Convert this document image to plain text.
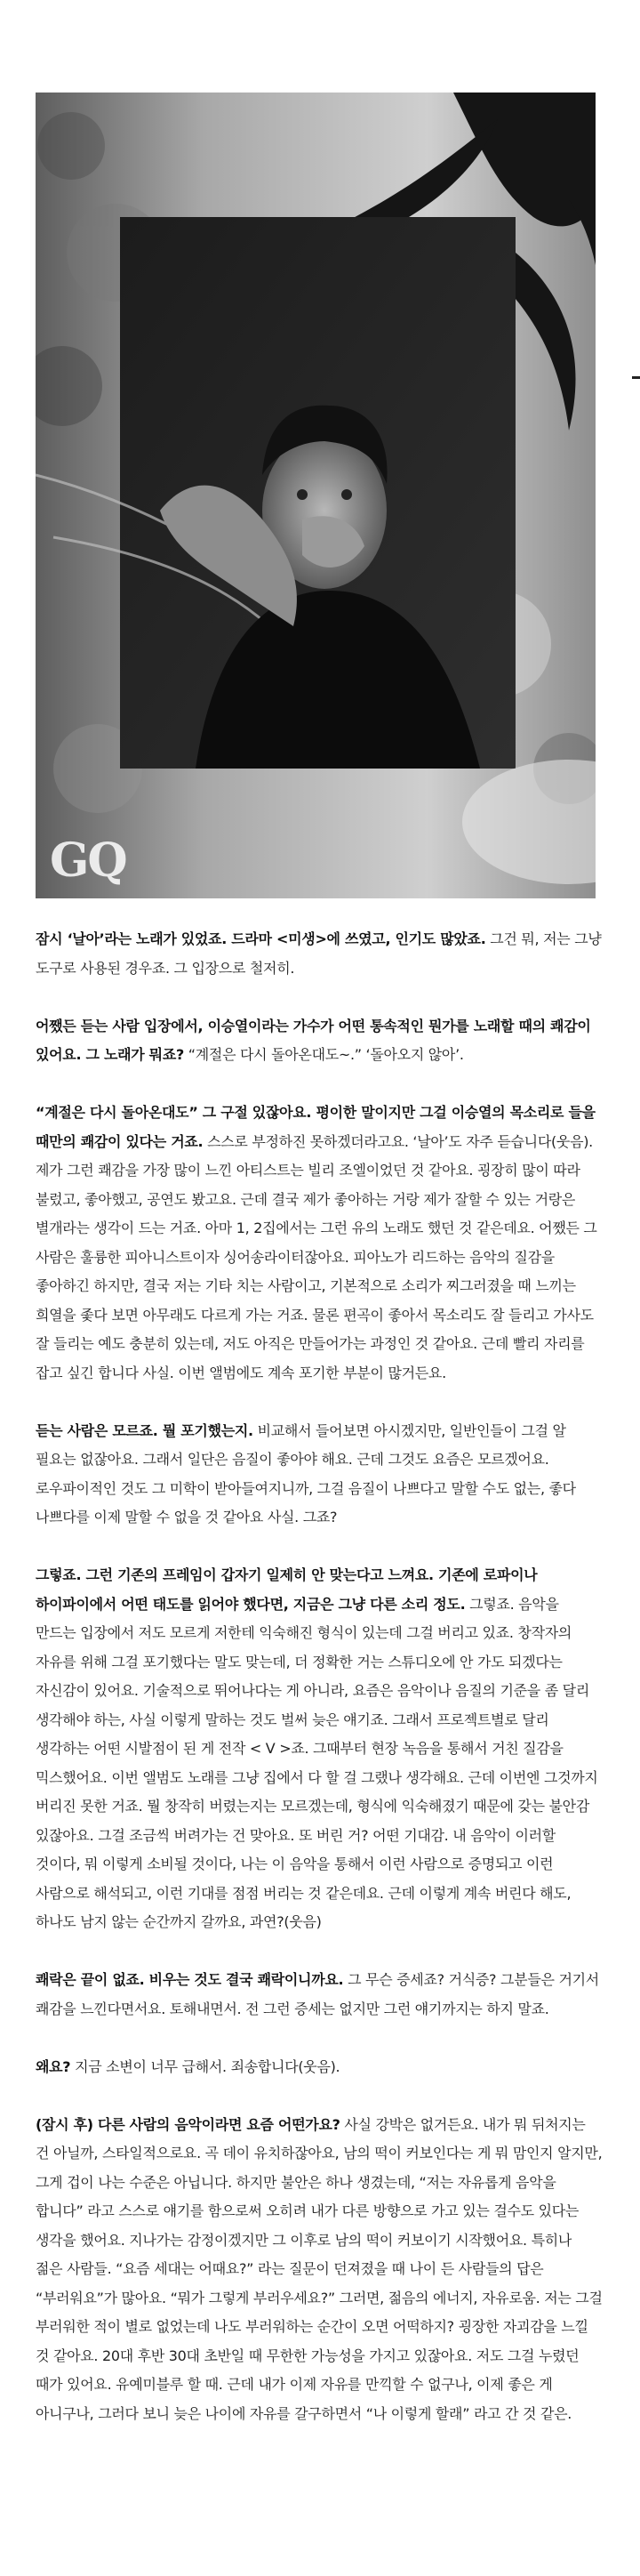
GQ

잠시 ‘날아’라는 노래가 있었죠. 드라마 <미생>에 쓰였고, 인기도 많았죠. 그건 뭐, 저는 그냥 도구로 사용된 경우죠. 그 입장으로 철저히.

어쨌든 듣는 사람 입장에서, 이승열이라는 가수가 어떤 통속적인 뭔가를 노래할 때의 쾌감이 있어요. 그 노래가 뭐죠? “계절은 다시 돌아온대도~.” ‘돌아오지 않아’.

“계절은 다시 돌아온대도” 그 구절 있잖아요. 평이한 말이지만 그걸 이승열의 목소리로 들을 때만의 쾌감이 있다는 거죠. 스스로 부정하진 못하겠더라고요. ‘날아’도 자주 듣습니다(웃음). 제가 그런 쾌감을 가장 많이 느낀 아티스트는 빌리 조엘이었던 것 같아요. 굉장히 많이 따라 불렀고, 좋아했고, 공연도 봤고요. 근데 결국 제가 좋아하는 거랑 제가 잘할 수 있는 거랑은 별개라는 생각이 드는 거죠. 아마 1, 2집에서는 그런 유의 노래도 했던 것 같은데요. 어쨌든 그 사람은 훌륭한 피아니스트이자 싱어송라이터잖아요. 피아노가 리드하는 음악의 질감을 좋아하긴 하지만, 결국 저는 기타 치는 사람이고, 기본적으로 소리가 찌그러졌을 때 느끼는 희열을 좇다 보면 아무래도 다르게 가는 거죠. 물론 편곡이 좋아서 목소리도 잘 들리고 가사도 잘 들리는 예도 충분히 있는데, 저도 아직은 만들어가는 과정인 것 같아요. 근데 빨리 자리를 잡고 싶긴 합니다 사실. 이번 앨범에도 계속 포기한 부분이 많거든요.

듣는 사람은 모르죠. 뭘 포기했는지. 비교해서 들어보면 아시겠지만, 일반인들이 그걸 알 필요는 없잖아요. 그래서 일단은 음질이 좋아야 해요. 근데 그것도 요즘은 모르겠어요. 로우파이적인 것도 그 미학이 받아들여지니까, 그걸 음질이 나쁘다고 말할 수도 없는, 좋다 나쁘다를 이제 말할 수 없을 것 같아요 사실. 그죠?

그렇죠. 그런 기존의 프레임이 갑자기 일제히 안 맞는다고 느껴요. 기존에 로파이나 하이파이에서 어떤 태도를 읽어야 했다면, 지금은 그냥 다른 소리 정도. 그렇죠. 음악을 만드는 입장에서 저도 모르게 저한테 익숙해진 형식이 있는데 그걸 버리고 있죠. 창작자의 자유를 위해 그걸 포기했다는 말도 맞는데, 더 정확한 거는 스튜디오에 안 가도 되겠다는 자신감이 있어요. 기술적으로 뛰어나다는 게 아니라, 요즘은 음악이나 음질의 기준을 좀 달리 생각해야 하는, 사실 이렇게 말하는 것도 벌써 늦은 얘기죠. 그래서 프로젝트별로 달리 생각하는 어떤 시발점이 된 게 전작 < V >죠. 그때부터 현장 녹음을 통해서 거친 질감을 믹스했어요. 이번 앨범도 노래를 그냥 집에서 다 할 걸 그랬나 생각해요. 근데 이번엔 그것까지 버리진 못한 거죠. 뭘 창작히 버렸는지는 모르겠는데, 형식에 익숙해졌기 때문에 갖는 불안감 있잖아요. 그걸 조금씩 버려가는 건 맞아요. 또 버린 거? 어떤 기대감. 내 음악이 이러할 것이다, 뭐 이렇게 소비될 것이다, 나는 이 음악을 통해서 이런 사람으로 증명되고 이런 사람으로 해석되고, 이런 기대를 점점 버리는 것 같은데요. 근데 이렇게 계속 버린다 해도, 하나도 남지 않는 순간까지 갈까요, 과연?(웃음)

쾌락은 끝이 없죠. 비우는 것도 결국 쾌락이니까요. 그 무슨 증세죠? 거식증? 그분들은 거기서 쾌감을 느낀다면서요. 토해내면서. 전 그런 증세는 없지만 그런 얘기까지는 하지 말죠.

왜요? 지금 소변이 너무 급해서. 죄송합니다(웃음).

(잠시 후) 다른 사람의 음악이라면 요즘 어떤가요? 사실 강박은 없거든요. 내가 뭐 뒤처지는 건 아닐까, 스타일적으로요. 곡 데이 유치하잖아요, 남의 떡이 커보인다는 게 뭐 맘인지 알지만, 그게 겁이 나는 수준은 아닙니다. 하지만 불안은 하나 생겼는데, “저는 자유롭게 음악을 합니다” 라고 스스로 얘기를 함으로써 오히려 내가 다른 방향으로 가고 있는 걸수도 있다는 생각을 했어요. 지나가는 감정이겠지만 그 이후로 남의 떡이 커보이기 시작했어요. 특히나 젊은 사람들. “요즘 세대는 어때요?” 라는 질문이 던져졌을 때 나이 든 사람들의 답은 “부러워요”가 많아요. “뭐가 그렇게 부러우세요?” 그러면, 젊음의 에너지, 자유로움. 저는 그걸 부러워한 적이 별로 없었는데 나도 부러워하는 순간이 오면 어떡하지? 굉장한 자괴감을 느낄 것 같아요. 20대 후반 30대 초반일 때 무한한 가능성을 가지고 있잖아요. 저도 그걸 누렸던 때가 있어요. 유예미블루 할 때. 근데 내가 이제 자유를 만끽할 수 없구나, 이제 좋은 게 아니구나, 그러다 보니 늦은 나이에 자유를 갈구하면서 “나 이렇게 할래” 라고 간 것 같은.
